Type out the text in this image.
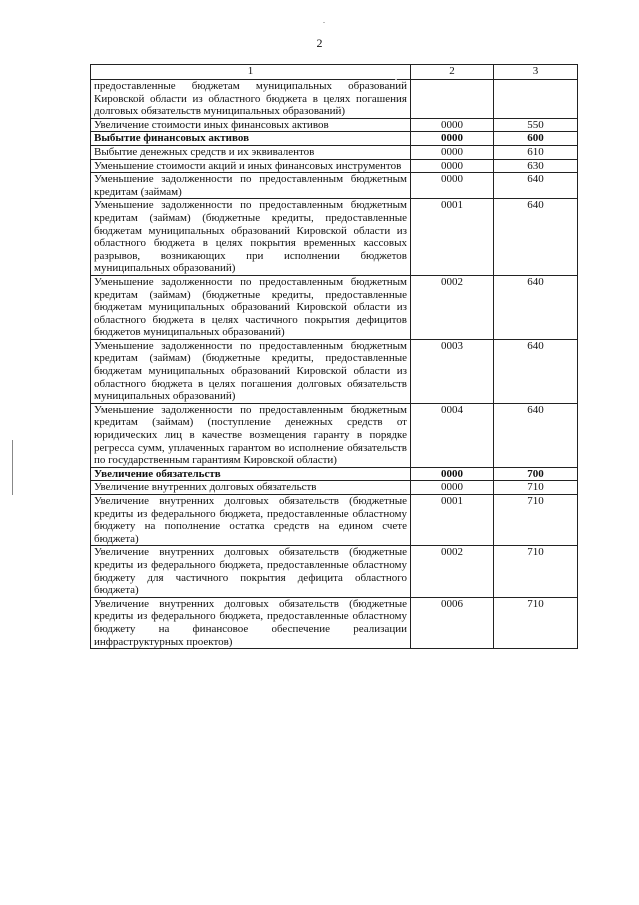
2
1	2	3
предоставленные бюджетам муниципальных образований Кировской области из областного бюджета в целях погашения долговых обязательств муниципальных образований)		
Увеличение стоимости иных финансовых активов	0000	550
Выбытие финансовых активов	0000	600
Выбытие денежных средств и их эквивалентов	0000	610
Уменьшение стоимости акций и иных финансовых инструментов	0000	630
Уменьшение задолженности по предоставленным бюджетным кредитам (займам)	0000	640
Уменьшение задолженности по предоставленным бюджетным кредитам (займам) (бюджетные кредиты, предоставленные бюджетам муниципальных образований Кировской области из областного бюджета в целях покрытия временных кассовых разрывов, возникающих при исполнении бюджетов муниципальных образований)	0001	640
Уменьшение задолженности по предоставленным бюджетным кредитам (займам) (бюджетные кредиты, предоставленные бюджетам муниципальных образований Кировской области из областного бюджета в целях частичного покрытия дефицитов бюджетов муниципальных образований)	0002	640
Уменьшение задолженности по предоставленным бюджетным кредитам (займам) (бюджетные кредиты, предоставленные бюджетам муниципальных образований Кировской области из областного бюджета в целях погашения долговых обязательств муниципальных образований)	0003	640
Уменьшение задолженности по предоставленным бюджетным кредитам (займам) (поступление денежных средств от юридических лиц в качестве возмещения гаранту в порядке регресса сумм, уплаченных гарантом во исполнение обязательств по государственным гарантиям Кировской области)	0004	640
Увеличение обязательств	0000	700
Увеличение внутренних долговых обязательств	0000	710
Увеличение внутренних долговых обязательств (бюджетные кредиты из федерального бюджета, предоставленные областному бюджету на пополнение остатка средств на едином счете бюджета)	0001	710
Увеличение внутренних долговых обязательств (бюджетные кредиты из федерального бюджета, предоставленные областному бюджету для частичного покрытия дефицита областного бюджета)	0002	710
Увеличение внутренних долговых обязательств (бюджетные кредиты из федерального бюджета, предоставленные областному бюджету на финансовое обеспечение реализации инфраструктурных проектов)	0006	710
